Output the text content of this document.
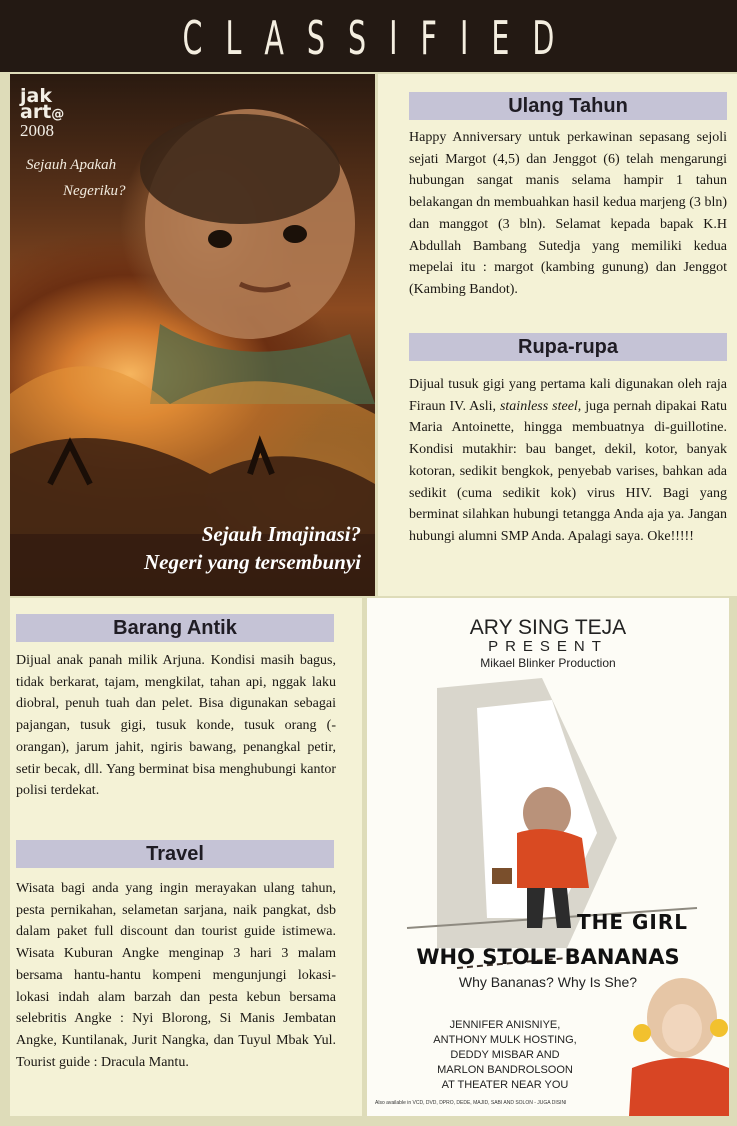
C L A S S I F I E D
jak
art@
2008
Sejauh Apakah
Negeriku?
Sejauh Imajinasi?
Negeri yang tersembunyi
Ulang Tahun
Happy Anniversary untuk perkawinan sepasang sejoli sejati Margot (4,5) dan Jenggot (6) telah mengarungi hubungan sangat manis selama hampir 1 tahun belakangan dn membuahkan hasil kedua marjeng (3 bln) dan manggot (3 bln). Selamat kepada bapak K.H Abdullah Bambang Sutedja yang memiliki kedua mepelai itu : margot (kambing gunung) dan Jenggot (Kambing Bandot).
Rupa-rupa
Dijual tusuk gigi yang pertama kali digunakan oleh raja Firaun IV. Asli, stainless steel, juga pernah dipakai Ratu Maria Antoinette, hingga membuatnya di-guillotine. Kondisi mutakhir: bau banget, dekil, kotor, banyak kotoran, sedikit bengkok, penyebab varises, bahkan ada sedikit (cuma sedikit kok) virus HIV. Bagi yang berminat silahkan hubungi tetangga Anda aja ya. Jangan hubungi alumni SMP Anda. Apalagi saya. Oke!!!!!
Barang Antik
Dijual anak panah milik Arjuna. Kondisi masih bagus, tidak berkarat, tajam, mengkilat, tahan api, nggak laku diobral, penuh tuah dan pelet. Bisa digunakan sebagai pajangan, tusuk gigi, tusuk konde, tusuk orang (-orangan), jarum jahit, ngiris bawang, penangkal petir, setir becak, dll. Yang berminat bisa menghubungi kantor polisi terdekat.
Travel
Wisata bagi anda yang ingin merayakan ulang tahun, pesta pernikahan, selametan sarjana, naik pangkat, dsb dalam paket full discount dan tourist guide istimewa. Wisata Kuburan Angke menginap 3 hari 3 malam bersama hantu-hantu kompeni mengunjungi lokasi-lokasi indah alam barzah dan pesta kebun bersama selebritis Angke : Nyi Blorong, Si Manis Jembatan Angke, Kuntilanak, Jurit Nangka, dan Tuyul Mbak Yul. Tourist guide : Dracula Mantu.
ARY SING TEJA
PRESENT
Mikael Blinker Production
THE GIRL
WHO STOLE BANANAS
Why Bananas? Why Is She?
JENNIFER ANISNIYE,
ANTHONY MULK HOSTING,
DEDDY MISBAR AND
MARLON BANDROLSOON
AT THEATER NEAR YOU
Also available in VCD, DVD, DPRO, DEDE, MAJID, SABI AND SOLON - JUGA DISINI
